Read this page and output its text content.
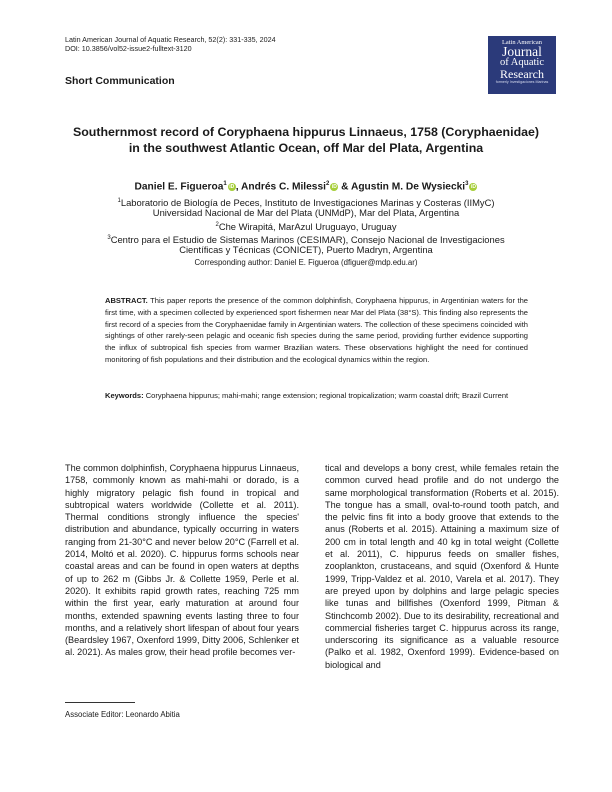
Latin American Journal of Aquatic Research, 52(2): 331-335, 2024
DOI: 10.3856/vol52-issue2-fulltext-3120
Short Communication
Latin American
Journal
of Aquatic
Research
formerly Investigaciones Marinas
Southernmost record of Coryphaena hippurus Linnaeus, 1758 (Coryphaenidae)
in the southwest Atlantic Ocean, off Mar del Plata, Argentina
Daniel E. Figueroa$^1$iD , Andrés C. Milessi$^2$iD & Agustin M. De Wysiecki$^3$iD
$^1$Laboratorio de Biología de Peces, Instituto de Investigaciones Marinas y Costeras (IIMyC)
Universidad Nacional de Mar del Plata (UNMdP), Mar del Plata, Argentina
$^2$Che Wirapitá, MarAzul Uruguayo, Uruguay
$^3$Centro para el Estudio de Sistemas Marinos (CESIMAR), Consejo Nacional de Investigaciones
Científicas y Técnicas (CONICET), Puerto Madryn, Argentina
Corresponding author: Daniel E. Figueroa (dfiguer@mdp.edu.ar)
ABSTRACT. This paper reports the presence of the common dolphinfish, Coryphaena hippurus, in Argentinian waters for the first time, with a specimen collected by experienced sport fishermen near Mar del Plata (38°S). This finding also represents the first record of a species from the Coryphaenidae family in Argentinian waters. The collection of these specimens coincided with sightings of other rarely-seen pelagic and oceanic fish species during the same period, providing further evidence supporting the influx of subtropical fish species from warmer Brazilian waters. These observations highlight the need for continued monitoring of fish populations and their distribution and the ecological dynamics within the region.
Keywords: Coryphaena hippurus; mahi-mahi; range extension; regional tropicalization; warm coastal drift; Brazil Current

The common dolphinfish, Coryphaena hippurus Linnaeus, 1758, commonly known as mahi-mahi or dorado, is a highly migratory pelagic fish found in tropical and subtropical waters worldwide (Collette et al. 2011). Thermal conditions strongly influence the species' distribution and abundance, typically occurring in waters ranging from 21-30°C and never below 20°C (Farrell et al. 2014, Moltó et al. 2020). C. hippurus forms schools near coastal areas and can be found in open waters at depths of up to 262 m (Gibbs Jr. & Collette 1959, Perle et al. 2020). It exhibits rapid growth rates, reaching 725 mm within the first year, early maturation at around four months, extended spawning events lasting three to four months, and a relatively short lifespan of about four years (Beardsley 1967, Oxenford 1999, Ditty 2006, Schlenker et al. 2021). As males grow, their head profile becomes ver-

tical and develops a bony crest, while females retain the common curved head profile and do not undergo the same morphological transformation (Roberts et al. 2015). The tongue has a small, oval-to-round tooth patch, and the pelvic fins fit into a body groove that extends to the anus (Roberts et al. 2015). Attaining a maximum size of 200 cm in total length and 40 kg in total weight (Collette et al. 2011), C. hippurus feeds on smaller fishes, zooplankton, crustaceans, and squid (Oxenford & Hunte 1999, Tripp-Valdez et al. 2010, Varela et al. 2017). They are preyed upon by dolphins and large pelagic species like tunas and billfishes (Oxenford 1999, Pitman & Stinchcomb 2002). Due to its desirability, recreational and commercial fisheries target C. hippurus across its range, underscoring its significance as a valuable resource (Palko et al. 1982, Oxenford 1999). Evidence-based on biological and

Associate Editor: Leonardo Abitia
